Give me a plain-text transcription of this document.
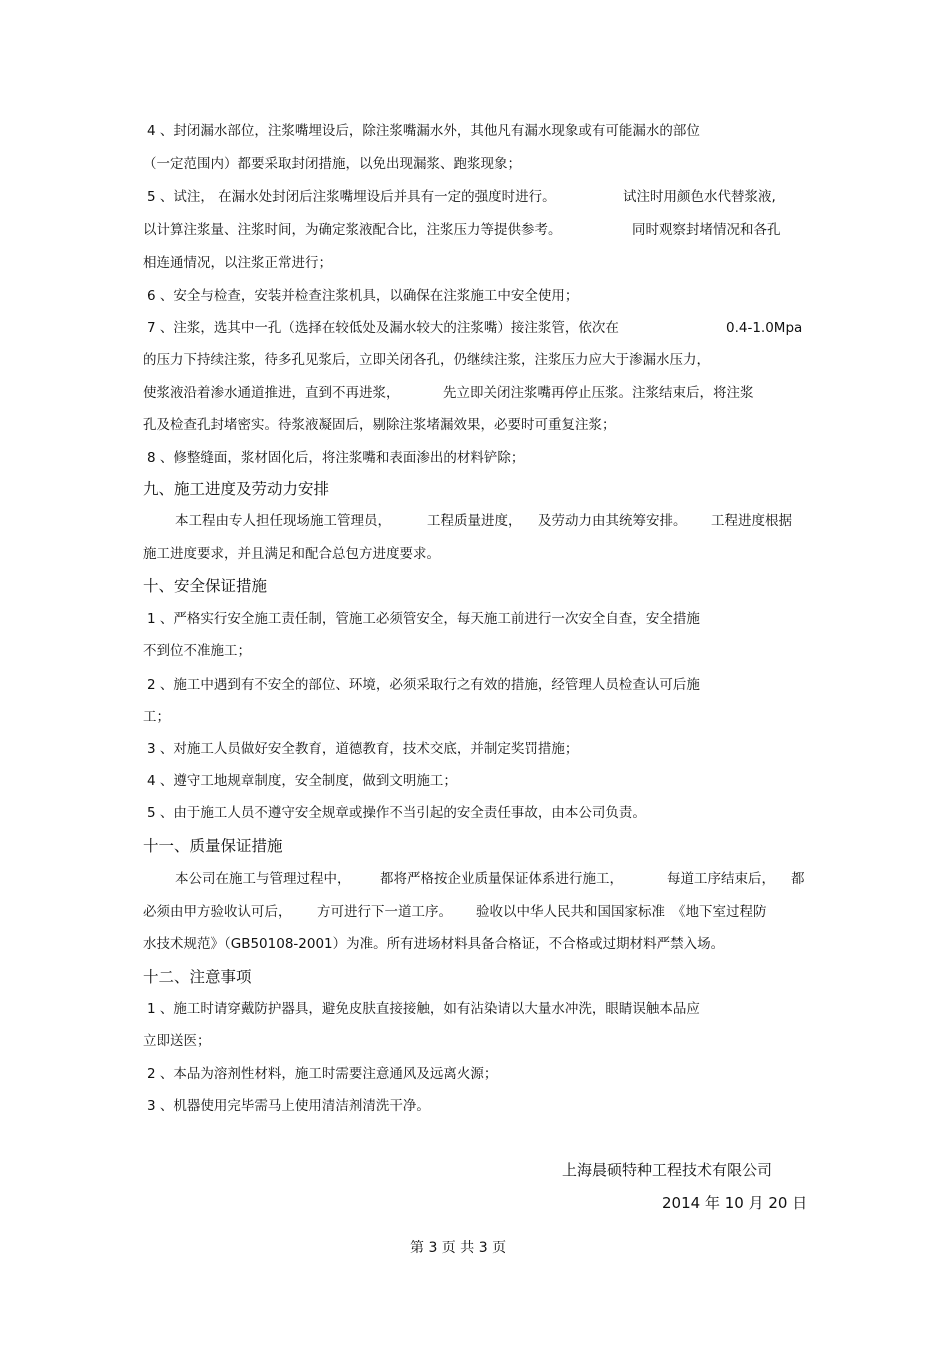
4 、封闭漏水部位，注浆嘴埋设后，除注浆嘴漏水外，其他凡有漏水现象或有可能漏水的部位
（一定范围内）都要采取封闭措施，以免出现漏浆、跑浆现象；
5 、试注， 在漏水处封闭后注浆嘴埋设后并具有一定的强度时进行。	试注时用颜色水代替浆液,
以计算注浆量、注浆时间，为确定浆液配合比，注浆压力等提供参考。	同时观察封堵情况和各孔
相连通情况，以注浆正常进行；
6 、安全与检查，安装并检查注浆机具，以确保在注浆施工中安全使用；
7 、注浆，选其中一孔（选择在较低处及漏水较大的注浆嘴）接注浆管，依次在	0.4-1.0Mpa
的压力下持续注浆，待多孔见浆后，立即关闭各孔，仍继续注浆，注浆压力应大于渗漏水压力，
使浆液沿着渗水通道推进，直到不再进浆，	先立即关闭注浆嘴再停止压浆。注浆结束后，将注浆
孔及检查孔封堵密实。待浆液凝固后，剔除注浆堵漏效果，必要时可重复注浆；
8 、修整缝面，浆材固化后，将注浆嘴和表面渗出的材料铲除；
九、施工进度及劳动力安排
本工程由专人担任现场施工管理员，	工程质量进度， 及劳动力由其统筹安排。 工程进度根据
施工进度要求，并且满足和配合总包方进度要求。
十、安全保证措施
1 、严格实行安全施工责任制，管施工必须管安全，每天施工前进行一次安全自查，安全措施
不到位不准施工；
2 、施工中遇到有不安全的部位、环境，必须采取行之有效的措施，经管理人员检查认可后施
工；
3 、对施工人员做好安全教育，道德教育，技术交底，并制定奖罚措施；
4 、遵守工地规章制度，安全制度，做到文明施工；
5 、由于施工人员不遵守安全规章或操作不当引起的安全责任事故，由本公司负责。
十一、质量保证措施
本公司在施工与管理过程中， 都将严格按企业质量保证体系进行施工，	每道工序结束后， 都
必须由甲方验收认可后， 方可进行下一道工序。 验收以中华人民共和国国家标准 《地下室过程防
水技术规范》（GB50108-2001）为准。所有进场材料具备合格证，不合格或过期材料严禁入场。
十二、注意事项
1 、施工时请穿戴防护器具，避免皮肤直接接触，如有沾染请以大量水冲洗，眼睛误触本品应
立即送医；
2 、本品为溶剂性材料，施工时需要注意通风及远离火源；
3 、机器使用完毕需马上使用清洁剂清洗干净。
上海晨硕特种工程技术有限公司
2014 年 10 月 20 日
第 3 页 共 3 页
